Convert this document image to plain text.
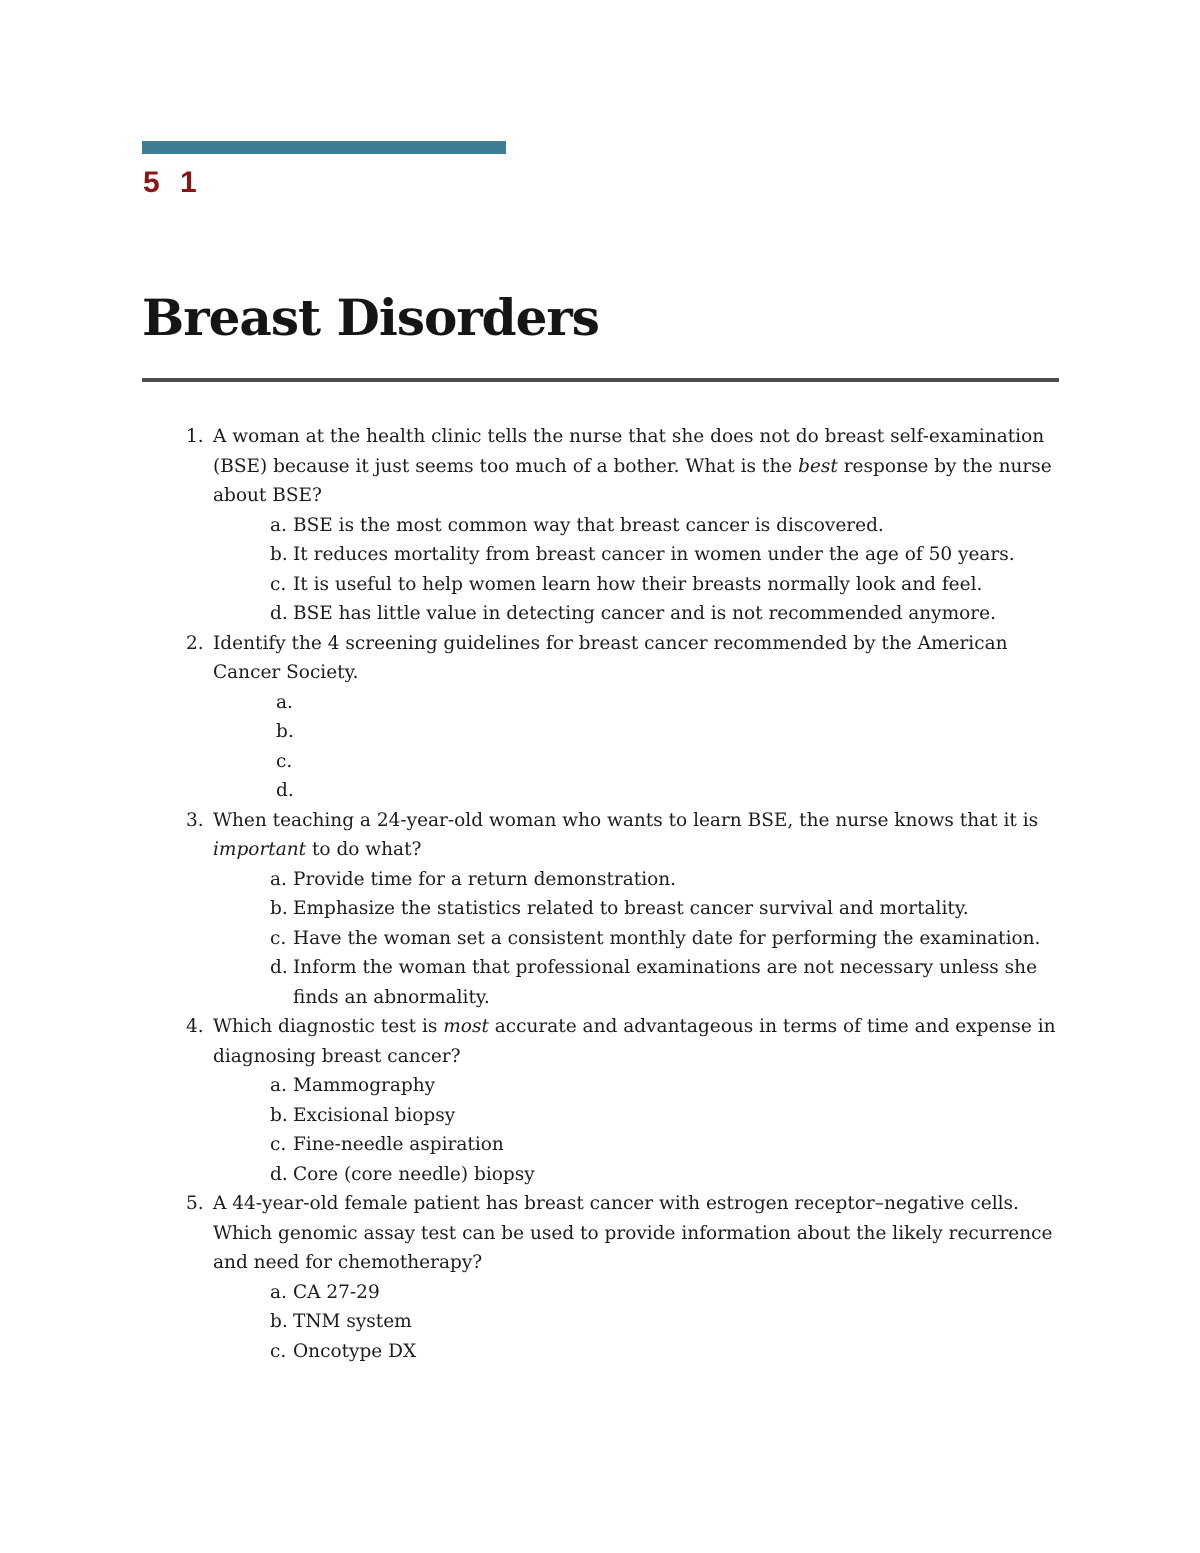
5 1
Breast Disorders
1. A woman at the health clinic tells the nurse that she does not do breast self-examination (BSE) because it just seems too much of a bother. What is the best response by the nurse about BSE?
a. BSE is the most common way that breast cancer is discovered.
b. It reduces mortality from breast cancer in women under the age of 50 years.
c. It is useful to help women learn how their breasts normally look and feel.
d. BSE has little value in detecting cancer and is not recommended anymore.
2. Identify the 4 screening guidelines for breast cancer recommended by the American Cancer Society.
a.
b.
c.
d.
3. When teaching a 24-year-old woman who wants to learn BSE, the nurse knows that it is important to do what?
a. Provide time for a return demonstration.
b. Emphasize the statistics related to breast cancer survival and mortality.
c. Have the woman set a consistent monthly date for performing the examination.
d. Inform the woman that professional examinations are not necessary unless she finds an abnormality.
4. Which diagnostic test is most accurate and advantageous in terms of time and expense in diagnosing breast cancer?
a. Mammography
b. Excisional biopsy
c. Fine-needle aspiration
d. Core (core needle) biopsy
5. A 44-year-old female patient has breast cancer with estrogen receptor–negative cells. Which genomic assay test can be used to provide information about the likely recurrence and need for chemotherapy?
a. CA 27-29
b. TNM system
c. Oncotype DX
